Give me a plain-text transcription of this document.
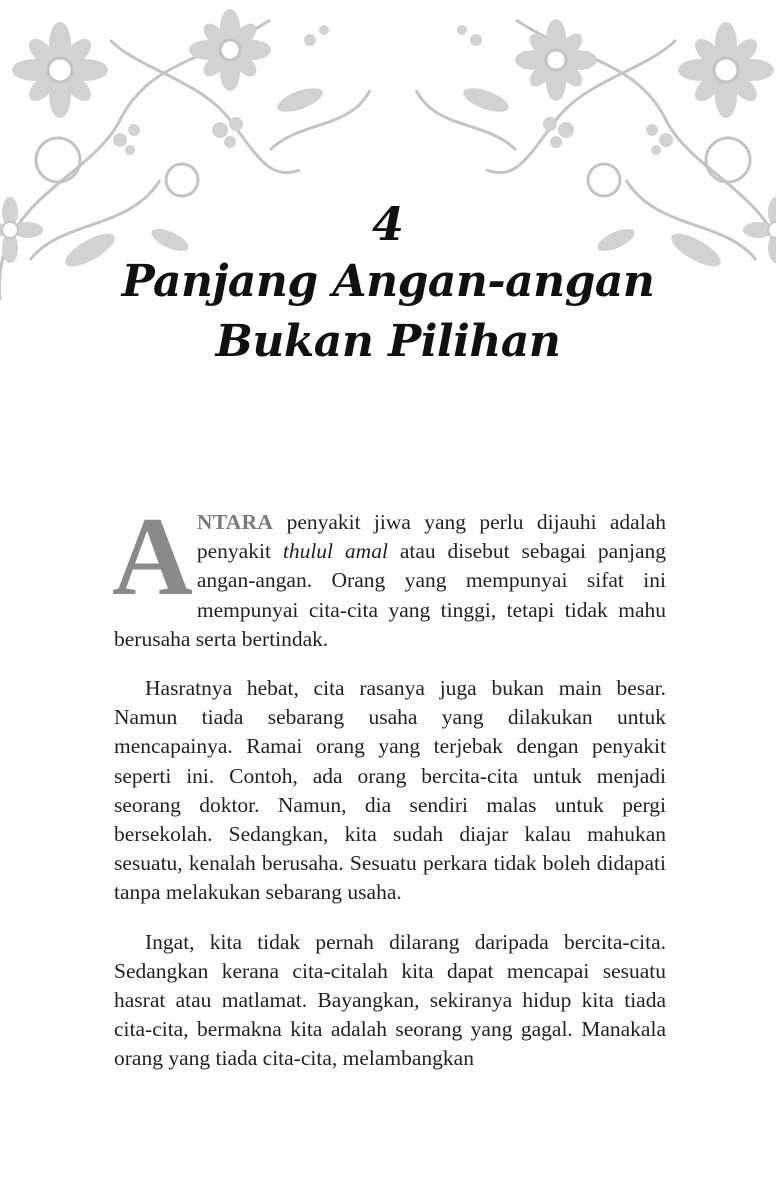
4
Panjang Angan-angan
Bukan Pilihan

ANTARA penyakit jiwa yang perlu dijauhi adalah penyakit thulul amal atau disebut sebagai panjang angan-angan. Orang yang mempunyai sifat ini mempunyai cita-cita yang tinggi, tetapi tidak mahu berusaha serta bertindak.

Hasratnya hebat, cita rasanya juga bukan main besar. Namun tiada sebarang usaha yang dilakukan untuk mencapainya. Ramai orang yang terjebak dengan penyakit seperti ini. Contoh, ada orang bercita-cita untuk menjadi seorang doktor. Namun, dia sendiri malas untuk pergi bersekolah. Sedangkan, kita sudah diajar kalau mahukan sesuatu, kenalah berusaha. Sesuatu perkara tidak boleh didapati tanpa melakukan sebarang usaha.

Ingat, kita tidak pernah dilarang daripada bercita-cita. Sedangkan kerana cita-citalah kita dapat mencapai sesuatu hasrat atau matlamat. Bayangkan, sekiranya hidup kita tiada cita-cita, bermakna kita adalah seorang yang gagal. Manakala orang yang tiada cita-cita, melambangkan
